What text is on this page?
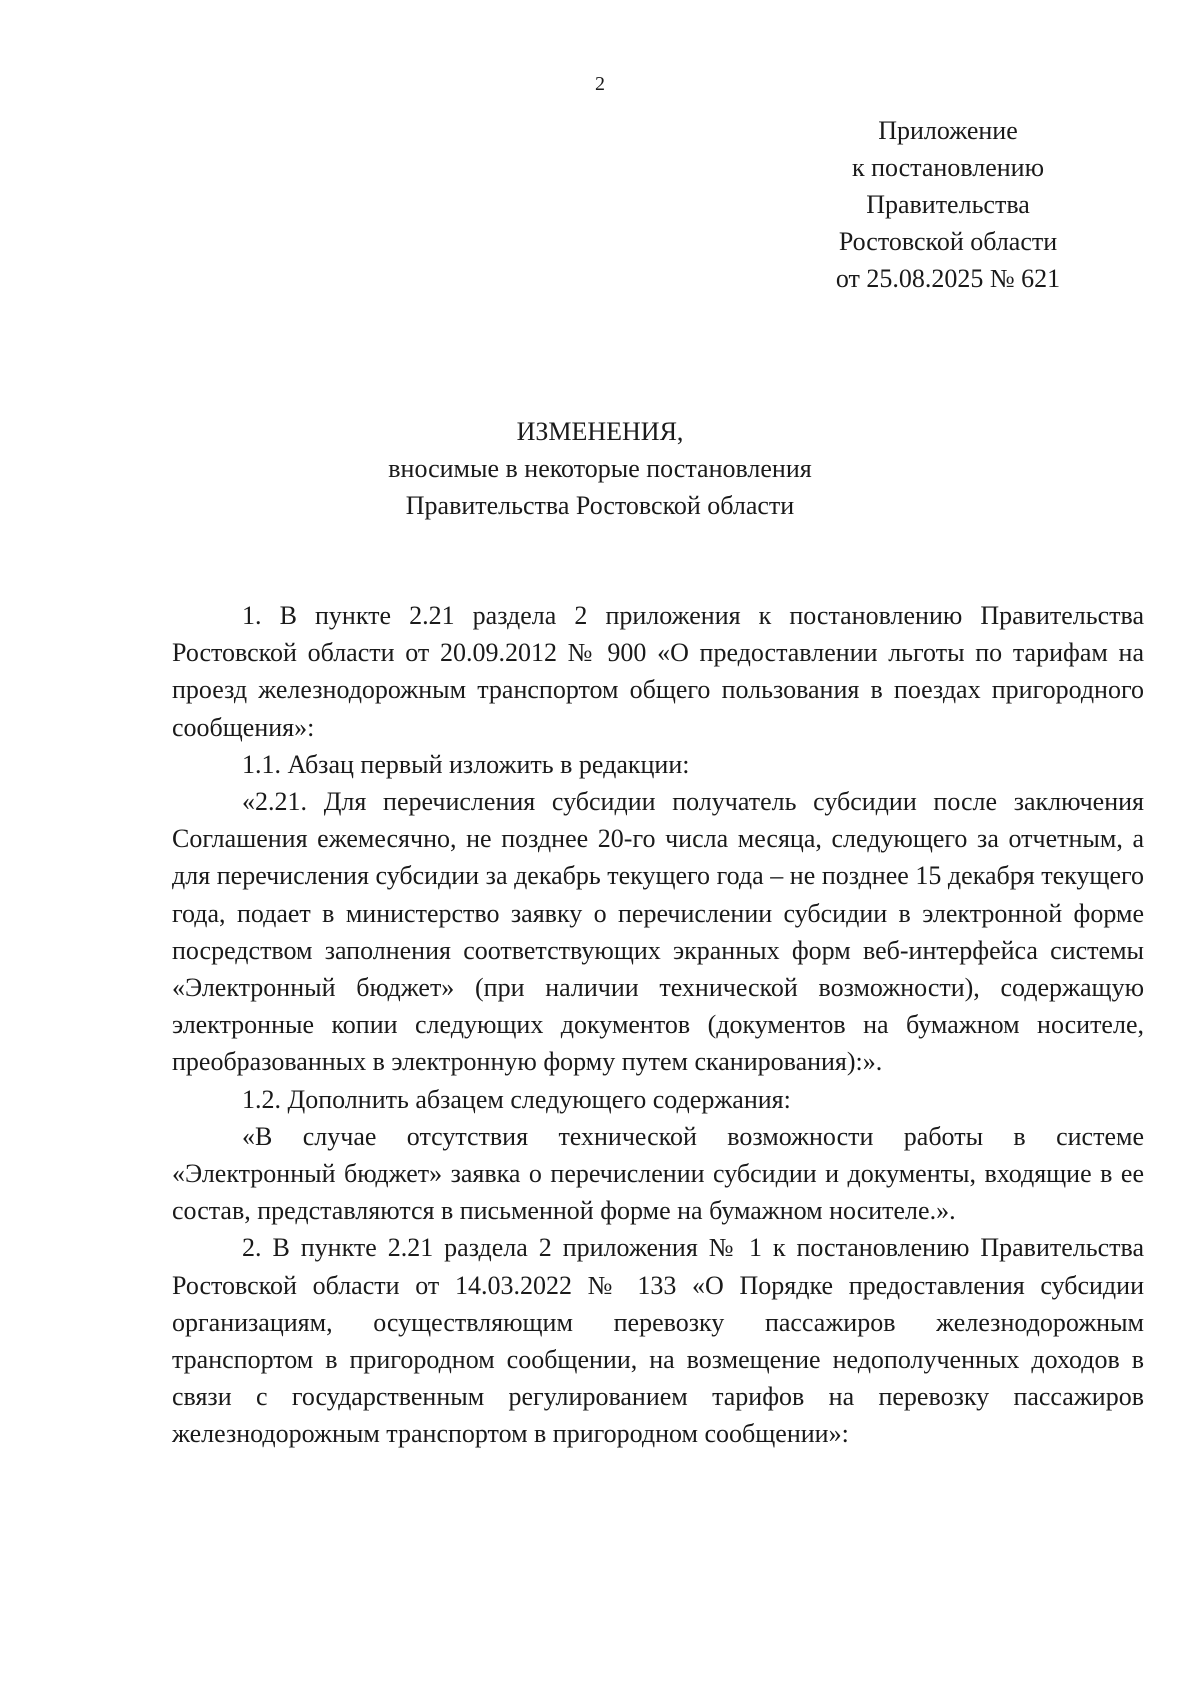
2
Приложение
к постановлению
Правительства
Ростовской области
от 25.08.2025 № 621
ИЗМЕНЕНИЯ,
вносимые в некоторые постановления
Правительства Ростовской области

1. В пункте 2.21 раздела 2 приложения к постановлению Правительства Ростовской области от 20.09.2012 № 900 «О предоставлении льготы по тарифам на проезд железнодорожным транспортом общего пользования в поездах пригородного сообщения»:

1.1. Абзац первый изложить в редакции:

«2.21. Для перечисления субсидии получатель субсидии после заключения Соглашения ежемесячно, не позднее 20-го числа месяца, следующего за отчетным, а для перечисления субсидии за декабрь текущего года – не позднее 15 декабря текущего года, подает в министерство заявку о перечислении субсидии в электронной форме посредством заполнения соответствующих экранных форм веб-интерфейса системы «Электронный бюджет» (при наличии технической возможности), содержащую электронные копии следующих документов (документов на бумажном носителе, преобразованных в электронную форму путем сканирования):».

1.2. Дополнить абзацем следующего содержания:

«В случае отсутствия технической возможности работы в системе «Электронный бюджет» заявка о перечислении субсидии и документы, входящие в ее состав, представляются в письменной форме на бумажном носителе.».

2. В пункте 2.21 раздела 2 приложения № 1 к постановлению Правительства Ростовской области от 14.03.2022 № 133 «О Порядке предоставления субсидии организациям, осуществляющим перевозку пассажиров железнодорожным транспортом в пригородном сообщении, на возмещение недополученных доходов в связи с государственным регулированием тарифов на перевозку пассажиров железнодорожным транспортом в пригородном сообщении»:
